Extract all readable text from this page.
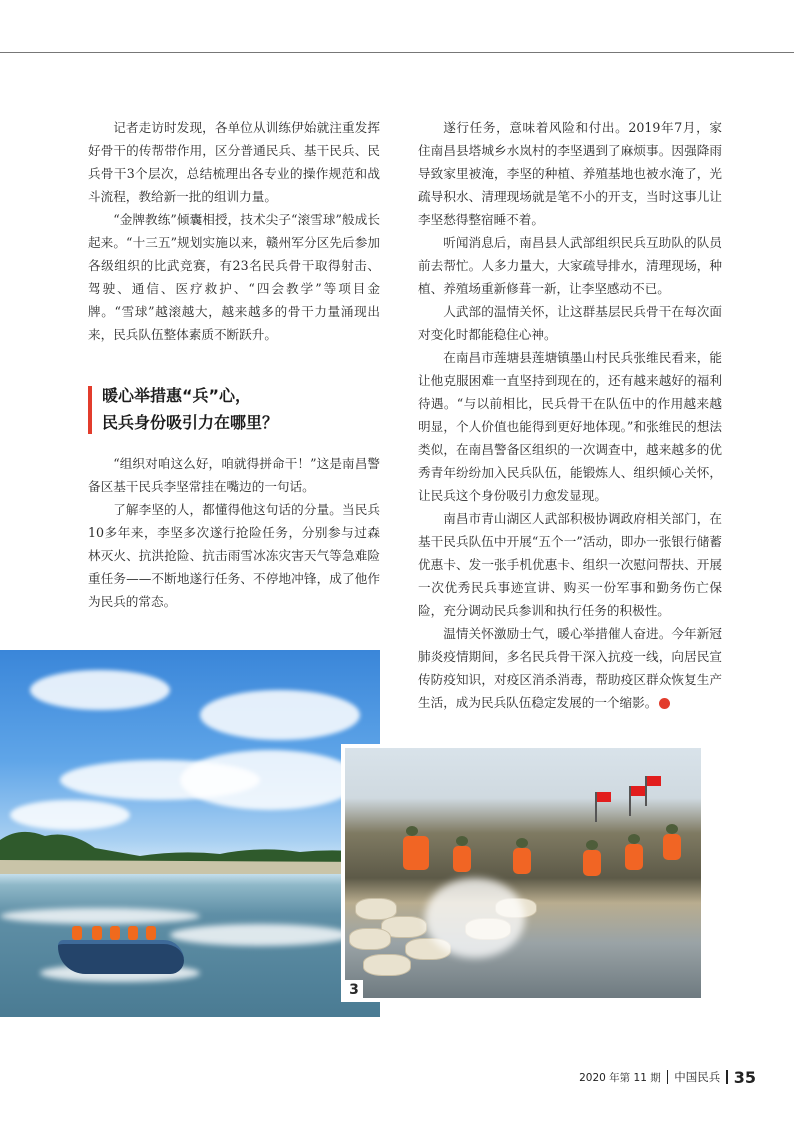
记者走访时发现，各单位从训练伊始就注重发挥好骨干的传帮带作用，区分普通民兵、基干民兵、民兵骨干3个层次，总结梳理出各专业的操作规范和战斗流程，教给新一批的组训力量。

“金牌教练”倾囊相授，技术尖子“滚雪球”般成长起来。“十三五”规划实施以来，赣州军分区先后参加各级组织的比武竞赛，有23名民兵骨干取得射击、驾驶、通信、医疗救护、“四会教学”等项目金牌。“雪球”越滚越大，越来越多的骨干力量涌现出来，民兵队伍整体素质不断跃升。

暖心举措惠“兵”心，
民兵身份吸引力在哪里？

“组织对咱这么好，咱就得拼命干！”这是南昌警备区基干民兵李坚常挂在嘴边的一句话。

了解李坚的人，都懂得他这句话的分量。当民兵10多年来，李坚多次遂行抢险任务，分别参与过森林灭火、抗洪抢险、抗击雨雪冰冻灾害天气等急难险重任务——不断地遂行任务、不停地冲锋，成了他作为民兵的常态。

遂行任务，意味着风险和付出。2019年7月，家住南昌县塔城乡水岚村的李坚遇到了麻烦事。因强降雨导致家里被淹，李坚的种植、养殖基地也被水淹了，光疏导积水、清理现场就是笔不小的开支，当时这事儿让李坚愁得整宿睡不着。

听闻消息后，南昌县人武部组织民兵互助队的队员前去帮忙。人多力量大，大家疏导排水，清理现场，种植、养殖场重新修葺一新，让李坚感动不已。

人武部的温情关怀，让这群基层民兵骨干在每次面对变化时都能稳住心神。

在南昌市莲塘县莲塘镇墨山村民兵张维民看来，能让他克服困难一直坚持到现在的，还有越来越好的福利待遇。“与以前相比，民兵骨干在队伍中的作用越来越明显，个人价值也能得到更好地体现。”和张维民的想法类似，在南昌警备区组织的一次调查中，越来越多的优秀青年纷纷加入民兵队伍，能锻炼人、组织倾心关怀，让民兵这个身份吸引力愈发显现。

南昌市青山湖区人武部积极协调政府相关部门，在基干民兵队伍中开展“五个一”活动，即办一张银行储蓄优惠卡、发一张手机优惠卡、组织一次慰问帮扶、开展一次优秀民兵事迹宣讲、购买一份军事和勤务伤亡保险，充分调动民兵参训和执行任务的积极性。

温情关怀激励士气，暖心举措催人奋进。今年新冠肺炎疫情期间，多名民兵骨干深入抗疫一线，向居民宣传防疫知识，对疫区消杀消毒，帮助疫区群众恢复生产生活，成为民兵队伍稳定发展的一个缩影。	◆

3
2020 年第 11 期 中国民兵 35
